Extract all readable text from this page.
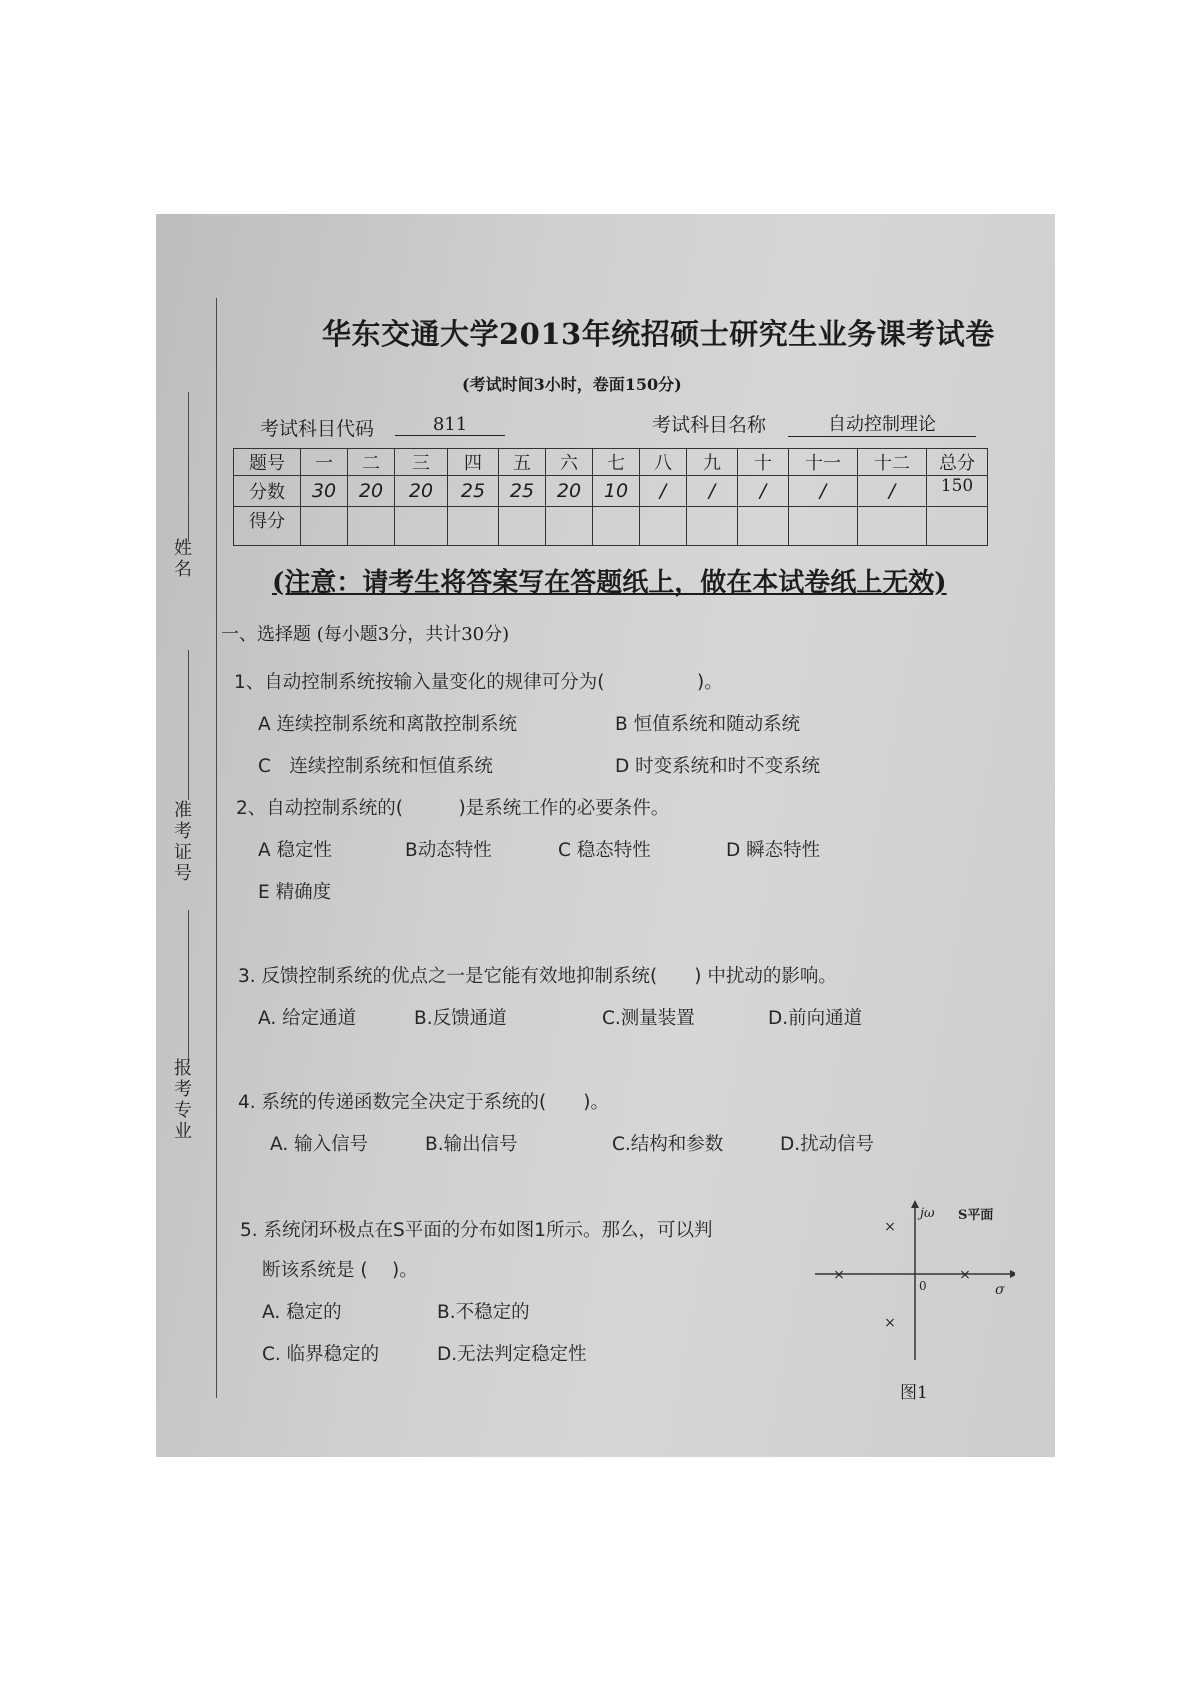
姓名
准考证号
报考专业
华东交通大学2013年统招硕士研究生业务课考试卷
(考试时间3小时，卷面150分)
考试科目代码	811	考试科目名称	自动控制理论
题号	一	二	三	四	五	六	七	八	九	十	十一	十二	总分
分数	30	20	20	25	25	20	10	/	/	/	/	/	150
得分													
(注意：请考生将答案写在答题纸上，做在本试卷纸上无效)
一、选择题 (每小题3分，共计30分)
1、自动控制系统按输入量变化的规律可分为(　　　　　)。
A 连续控制系统和离散控制系统	B 恒值系统和随动系统
C　连续控制系统和恒值系统	D 时变系统和时不变系统
2、自动控制系统的(　　　)是系统工作的必要条件。
A 稳定性	B动态特性	C 稳态特性	D 瞬态特性
E 精确度
3. 反馈控制系统的优点之一是它能有效地抑制系统(　　) 中扰动的影响。
A. 给定通道	B.反馈通道	C.测量装置	D.前向通道
4. 系统的传递函数完全决定于系统的(　　)。
A. 输入信号	B.输出信号	C.结构和参数	D.扰动信号
5. 系统闭环极点在S平面的分布如图1所示。那么，可以判
断该系统是 (　 )。
A. 稳定的	B.不稳定的
C. 临界稳定的	D.无法判定稳定性
×	×
×
×
jω S平面
0	σ
图1
